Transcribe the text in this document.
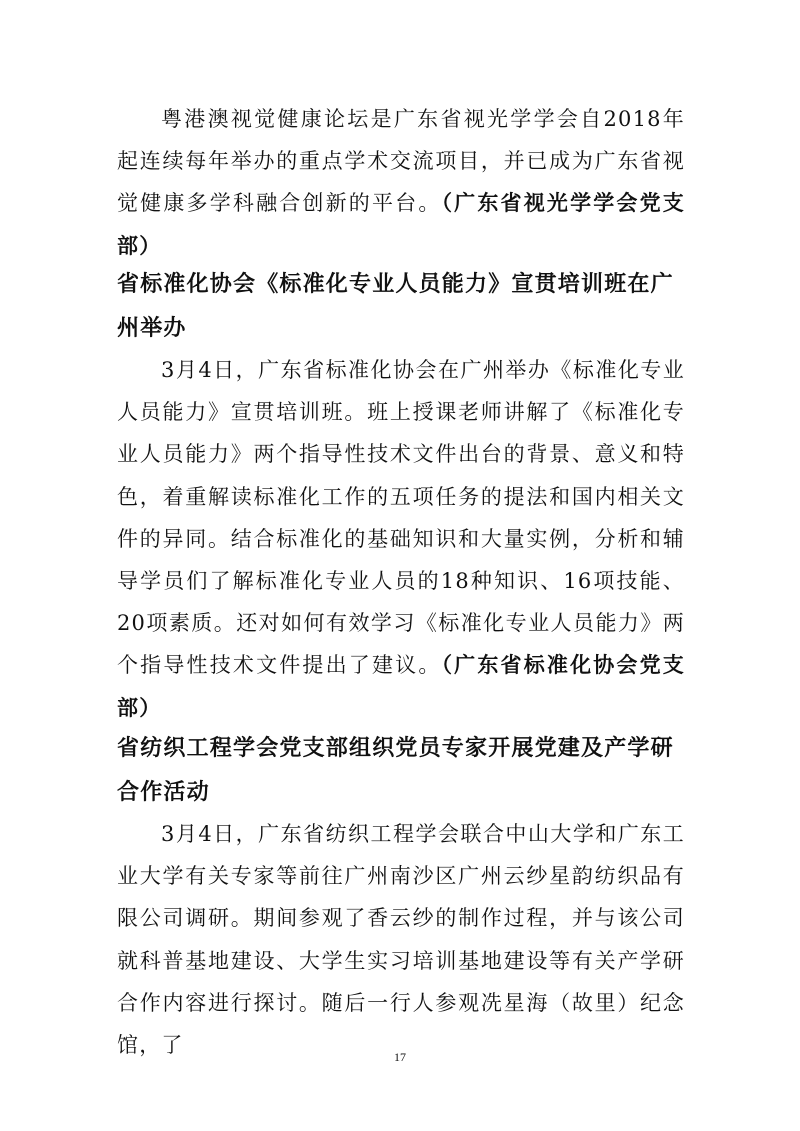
粤港澳视觉健康论坛是广东省视光学学会自2018年起连续每年举办的重点学术交流项目，并已成为广东省视觉健康多学科融合创新的平台。（广东省视光学学会党支部）

省标准化协会《标准化专业人员能力》宣贯培训班在广州举办

3月4日，广东省标准化协会在广州举办《标准化专业人员能力》宣贯培训班。班上授课老师讲解了《标准化专业人员能力》两个指导性技术文件出台的背景、意义和特色，着重解读标准化工作的五项任务的提法和国内相关文件的异同。结合标准化的基础知识和大量实例，分析和辅导学员们了解标准化专业人员的18种知识、16项技能、20项素质。还对如何有效学习《标准化专业人员能力》两个指导性技术文件提出了建议。（广东省标准化协会党支部）

省纺织工程学会党支部组织党员专家开展党建及产学研合作活动

3月4日，广东省纺织工程学会联合中山大学和广东工业大学有关专家等前往广州南沙区广州云纱星韵纺织品有限公司调研。期间参观了香云纱的制作过程，并与该公司就科普基地建设、大学生实习培训基地建设等有关产学研合作内容进行探讨。随后一行人参观冼星海（故里）纪念馆，了	17
